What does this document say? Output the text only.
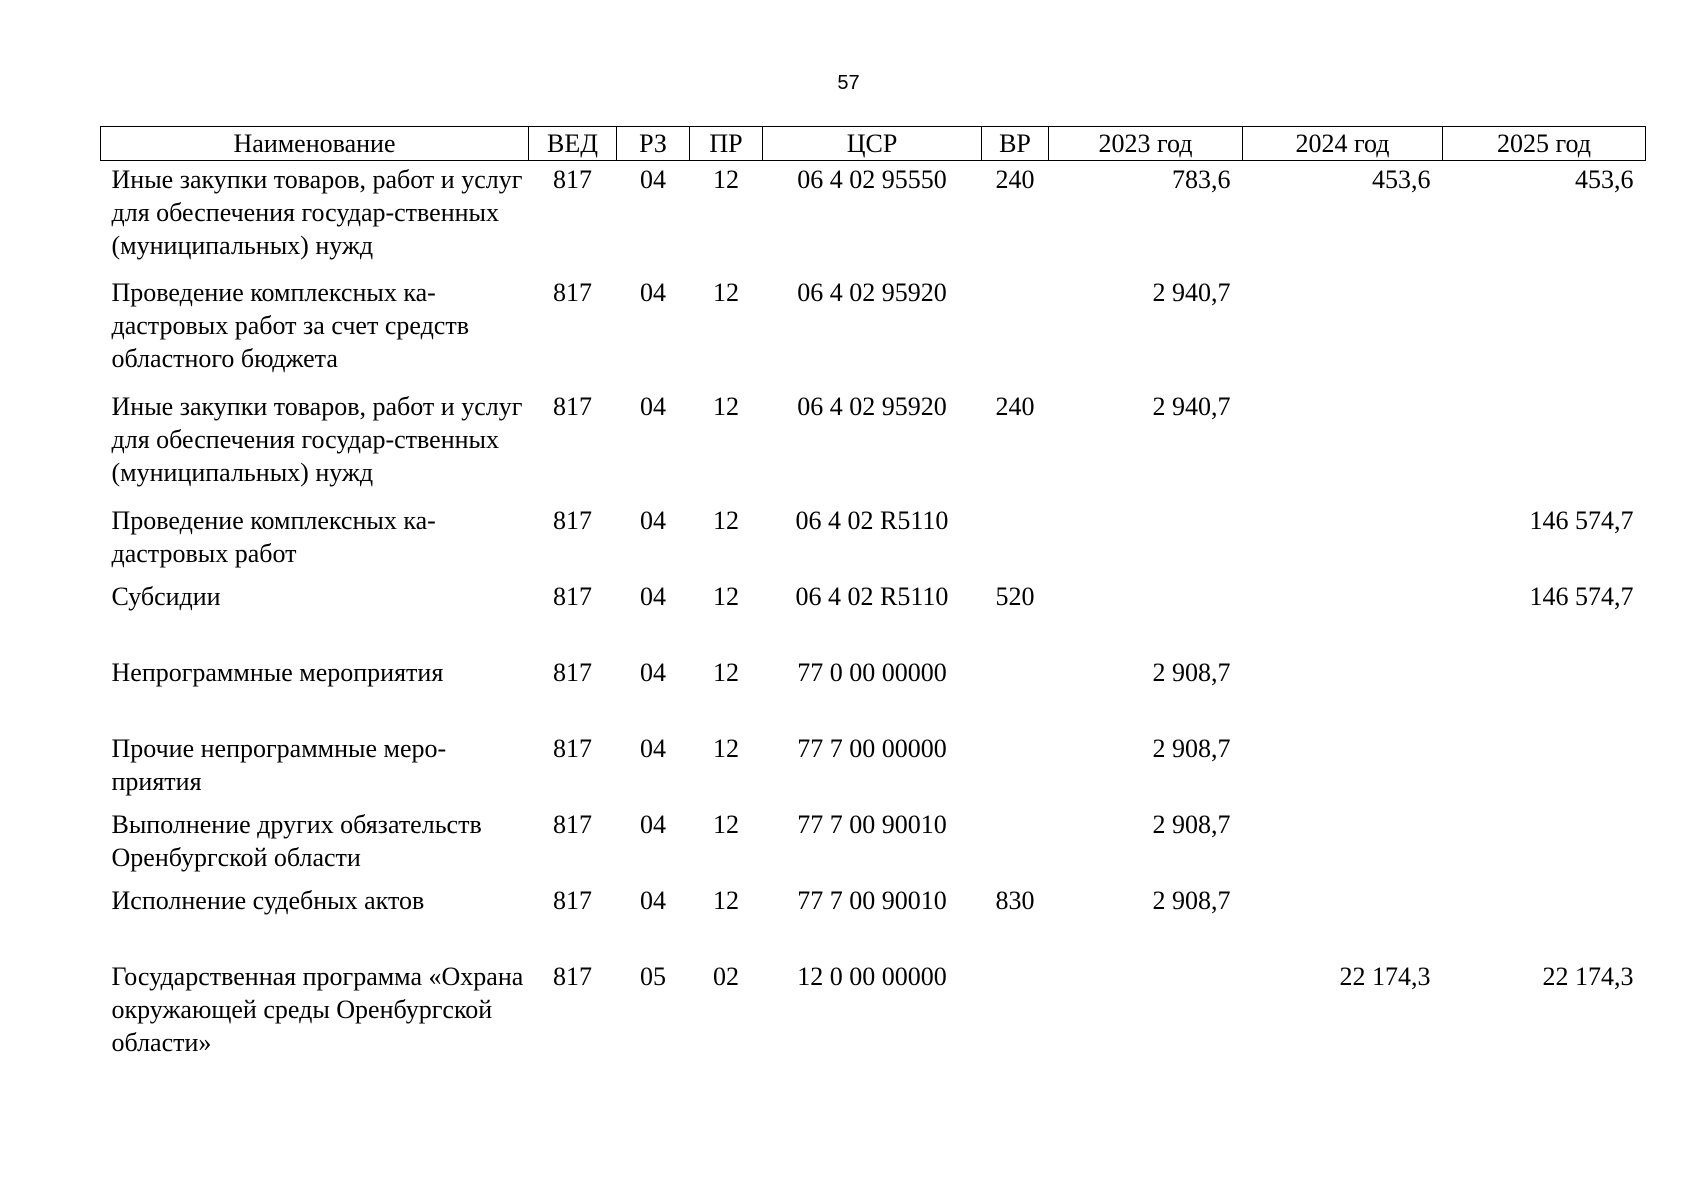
57
Наименование	ВЕД	РЗ	ПР	ЦСР	ВР	2023 год	2024 год	2025 год
Иные закупки товаров, работ и услуг для обеспечения государ-ственных (муниципальных) нужд	817	04	12	06 4 02 95550	240	783,6	453,6	453,6
Проведение комплексных ка-дастровых работ за счет средств областного бюджета	817	04	12	06 4 02 95920		2 940,7		
Иные закупки товаров, работ и услуг для обеспечения государ-ственных (муниципальных) нужд	817	04	12	06 4 02 95920	240	2 940,7		
Проведение комплексных ка-дастровых работ	817	04	12	06 4 02 R5110				146 574,7
Субсидии	817	04	12	06 4 02 R5110	520			146 574,7
Непрограммные мероприятия	817	04	12	77 0 00 00000		2 908,7		
Прочие непрограммные меро-приятия	817	04	12	77 7 00 00000		2 908,7		
Выполнение других обязательств Оренбургской области	817	04	12	77 7 00 90010		2 908,7		
Исполнение судебных актов	817	04	12	77 7 00 90010	830	2 908,7		
Государственная программа «Охрана окружающей среды Оренбургской области»	817	05	02	12 0 00 00000			22 174,3	22 174,3
